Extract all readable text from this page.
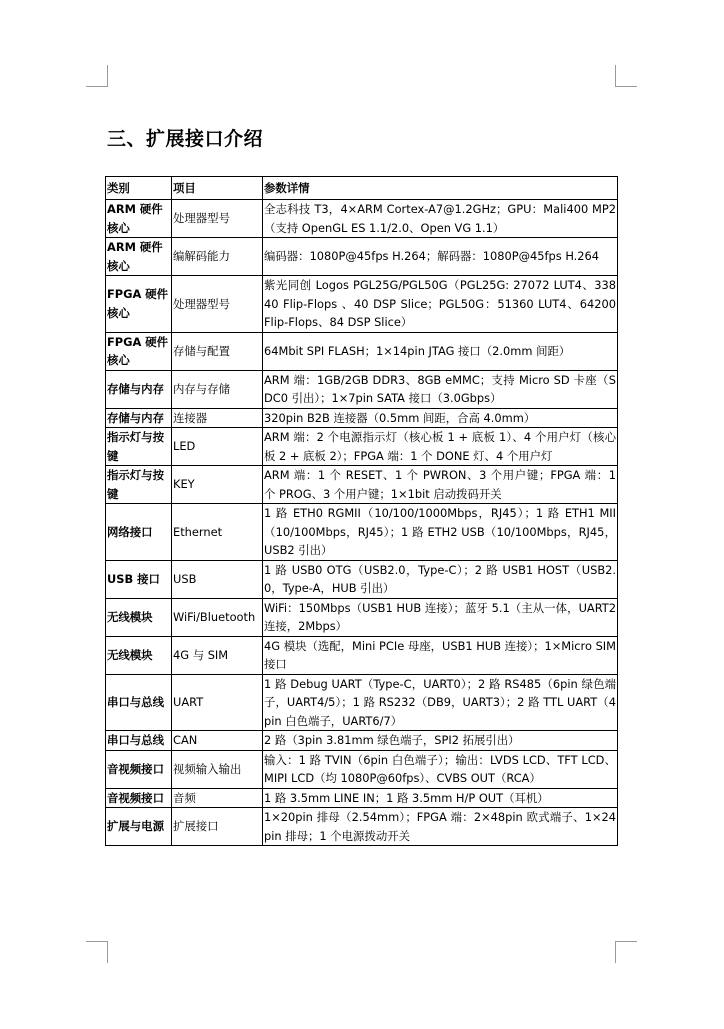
三、扩展接口介绍
类别	项目	参数详情
ARM 硬件核心	处理器型号	全志科技 T3，4×ARM Cortex-A7@1.2GHz；GPU：Mali400 MP2（支持 OpenGL ES 1.1/2.0、Open VG 1.1）
ARM 硬件核心	编解码能力	编码器：1080P@45fps H.264；解码器：1080P@45fps H.264
FPGA 硬件核心	处理器型号	紫光同创 Logos PGL25G/PGL50G（PGL25G: 27072 LUT4、33840 Flip-Flops 、40 DSP Slice；PGL50G：51360 LUT4、64200 Flip-Flops、84 DSP Slice）
FPGA 硬件核心	存储与配置	64Mbit SPI FLASH；1×14pin JTAG 接口（2.0mm 间距）
存储与内存	内存与存储	ARM 端：1GB/2GB DDR3、8GB eMMC；支持 Micro SD 卡座（SDC0 引出）；1×7pin SATA 接口（3.0Gbps）
存储与内存	连接器	320pin B2B 连接器（0.5mm 间距，合高 4.0mm）
指示灯与按键	LED	ARM 端：2 个电源指示灯（核心板 1 + 底板 1）、4 个用户灯（核心板 2 + 底板 2）；FPGA 端：1 个 DONE 灯、4 个用户灯
指示灯与按键	KEY	ARM 端：1 个 RESET、1 个 PWRON、3 个用户键；FPGA 端：1 个 PROG、3 个用户键；1×1bit 启动拨码开关
网络接口	Ethernet	1 路 ETH0 RGMII（10/100/1000Mbps，RJ45）；1 路 ETH1 MII（10/100Mbps，RJ45）；1 路 ETH2 USB（10/100Mbps，RJ45，USB2 引出）
USB 接口	USB	1 路 USB0 OTG（USB2.0，Type-C）；2 路 USB1 HOST（USB2.0，Type-A，HUB 引出）
无线模块	WiFi/Bluetooth	WiFi：150Mbps（USB1 HUB 连接）；蓝牙 5.1（主从一体，UART2 连接，2Mbps）
无线模块	4G 与 SIM	4G 模块（选配，Mini PCIe 母座，USB1 HUB 连接）；1×Micro SIM 接口
串口与总线	UART	1 路 Debug UART（Type-C，UART0）；2 路 RS485（6pin 绿色端子，UART4/5）；1 路 RS232（DB9，UART3）；2 路 TTL UART（4pin 白色端子，UART6/7）
串口与总线	CAN	2 路（3pin 3.81mm 绿色端子，SPI2 拓展引出）
音视频接口	视频输入输出	输入：1 路 TVIN（6pin 白色端子）；输出：LVDS LCD、TFT LCD、MIPI LCD（均 1080P@60fps）、CVBS OUT（RCA）
音视频接口	音频	1 路 3.5mm LINE IN；1 路 3.5mm H/P OUT（耳机）
扩展与电源	扩展接口	1×20pin 排母（2.54mm）；FPGA 端：2×48pin 欧式端子、1×24pin 排母；1 个电源拨动开关
